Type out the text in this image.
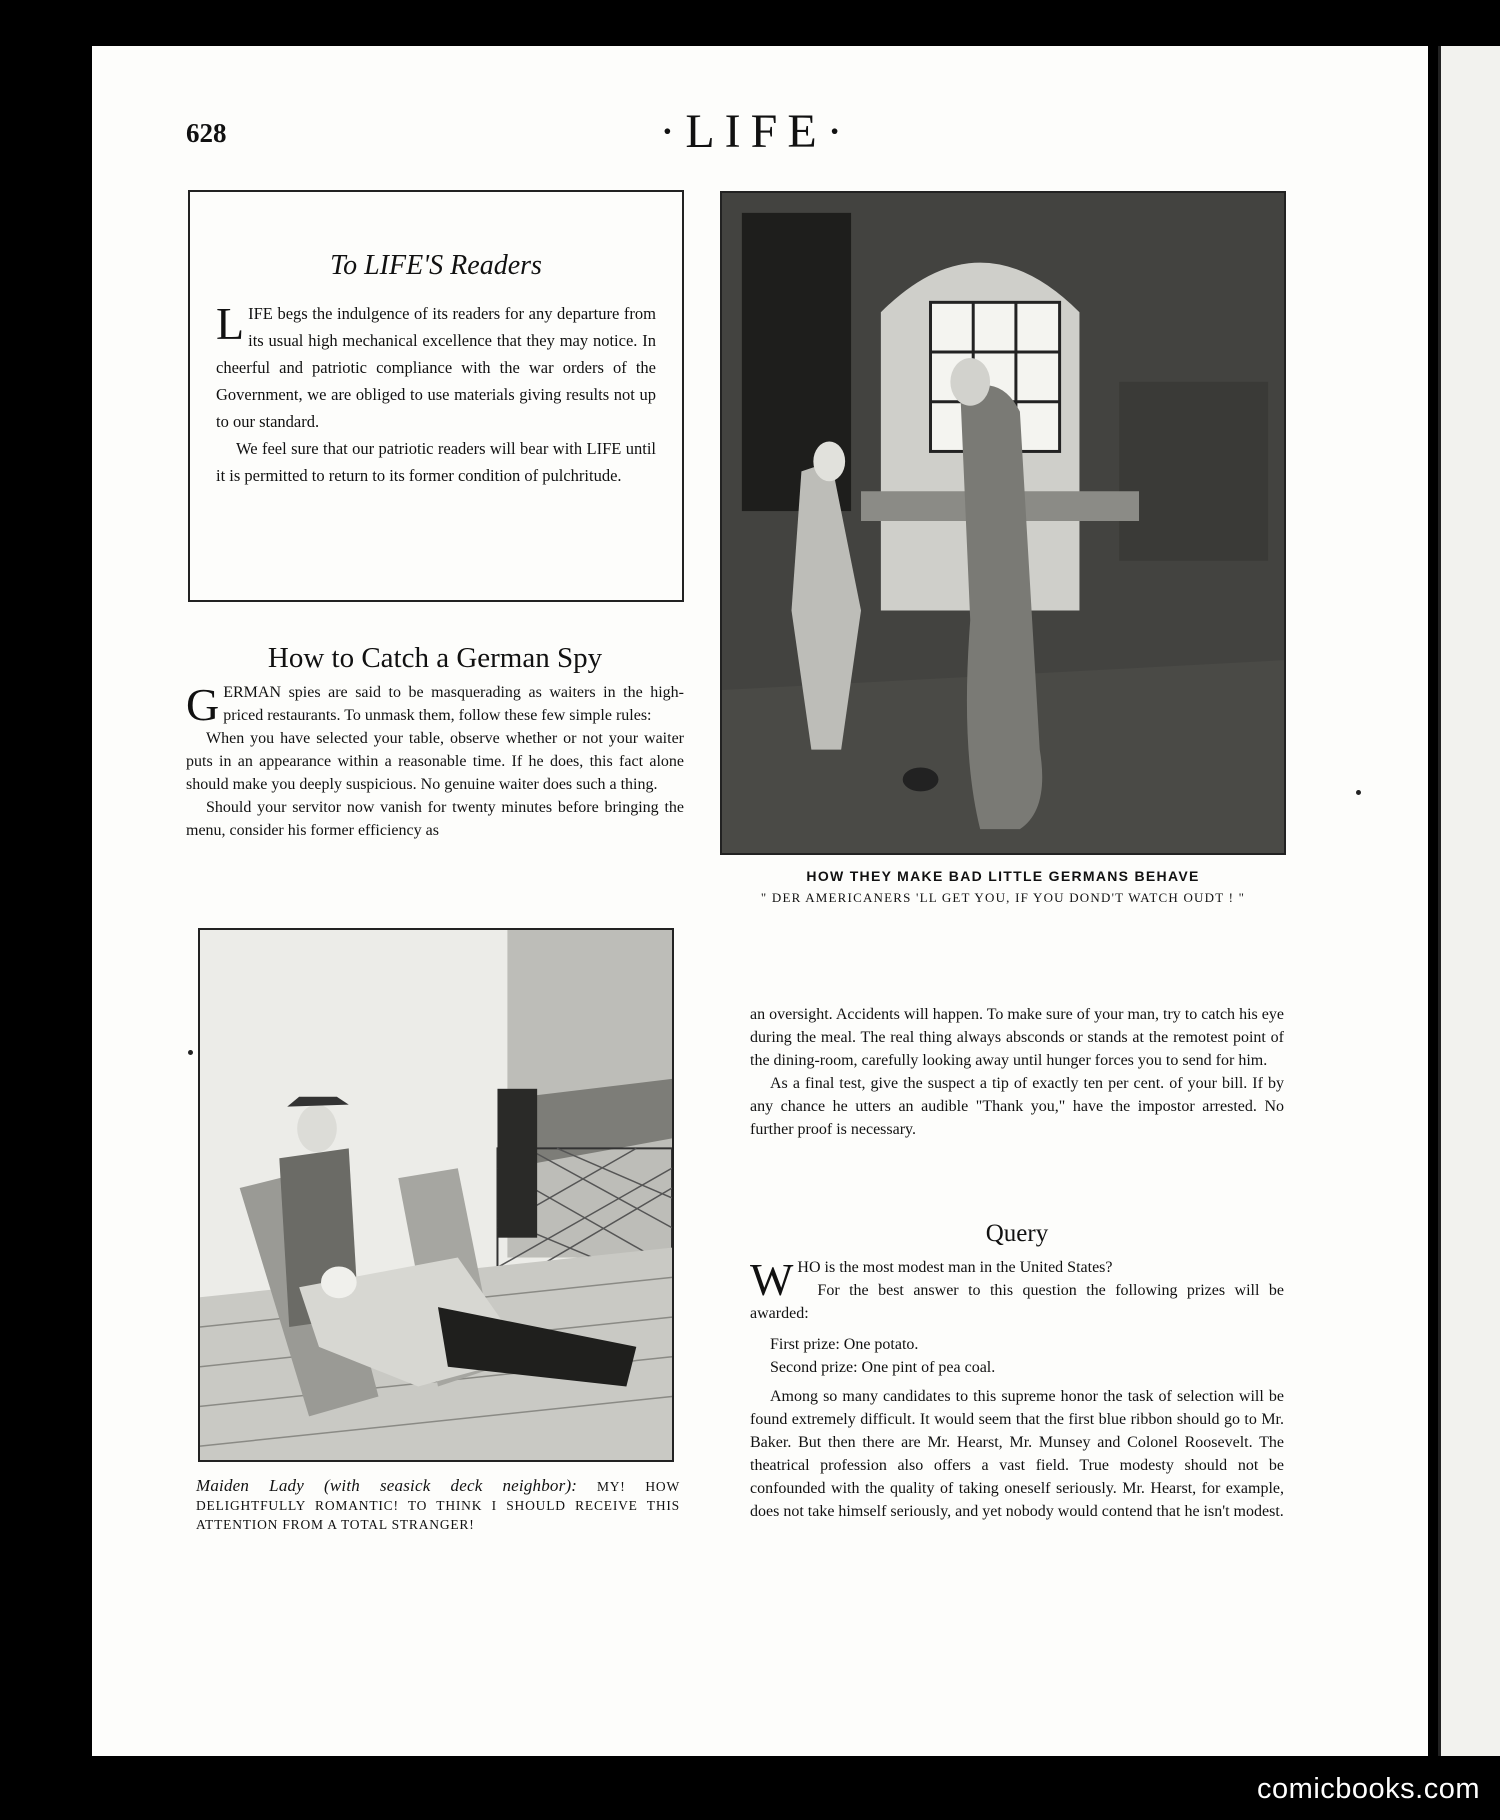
628	·LIFE·
To LIFE'S Readers

LIFE begs the indulgence of its readers for any departure from its usual high mechanical excellence that they may notice. In cheerful and patriotic compliance with the war orders of the Government, we are obliged to use materials giving results not up to our standard.

We feel sure that our patriotic readers will bear with LIFE until it is permitted to return to its former condition of pulchritude.

How to Catch a German Spy

GERMAN spies are said to be masquerading as waiters in the high-priced restaurants. To unmask them, follow these few simple rules:

When you have selected your table, observe whether or not your waiter puts in an appearance within a reasonable time. If he does, this fact alone should make you deeply suspicious. No genuine waiter does such a thing.

Should your servitor now vanish for twenty minutes before bringing the menu, consider his former efficiency as

HOW THEY MAKE BAD LITTLE GERMANS BEHAVE
" DER AMERICANERS 'LL GET YOU, IF YOU DOND'T WATCH OUDT ! "

an oversight. Accidents will happen. To make sure of your man, try to catch his eye during the meal. The real thing always absconds or stands at the remotest point of the dining-room, carefully looking away until hunger forces you to send for him.

As a final test, give the suspect a tip of exactly ten per cent. of your bill. If by any chance he utters an audible "Thank you," have the impostor arrested. No further proof is necessary.

Query

WHO is the most modest man in the United States?

For the best answer to this question the following prizes will be awarded:

First prize: One potato.

Second prize: One pint of pea coal.

Among so many candidates to this supreme honor the task of selection will be found extremely difficult. It would seem that the first blue ribbon should go to Mr. Baker. But then there are Mr. Hearst, Mr. Munsey and Colonel Roosevelt. The theatrical profession also offers a vast field. True modesty should not be confounded with the quality of taking oneself seriously. Mr. Hearst, for example, does not take himself seriously, and yet nobody would contend that he isn't modest.

Maiden Lady (with seasick deck neighbor): MY! HOW DELIGHTFULLY ROMANTIC! TO THINK I SHOULD RECEIVE THIS ATTENTION FROM A TOTAL STRANGER!
comicbooks.com
